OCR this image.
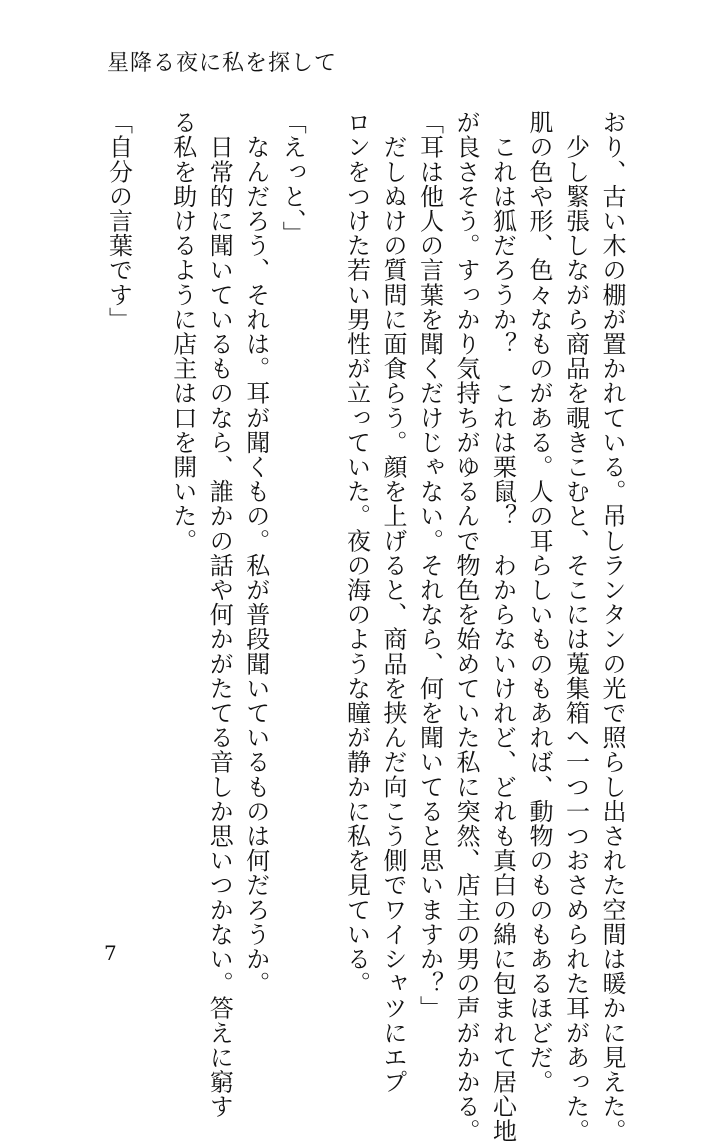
星降る夜に私を探して
おり、古い木の棚が置かれている。吊しランタンの光で照らし出された空間は暖かに見えた。
　少し緊張しながら商品を覗きこむと、そこには蒐集箱へ一つ一つおさめられた耳があった。
肌の色や形、色々なものがある。人の耳らしいものもあれば、動物のものもあるほどだ。
　これは狐だろうか？　これは栗鼠？　わからないけれど、どれも真白の綿に包まれて居心地
が良さそう。すっかり気持ちがゆるんで物色を始めていた私に突然、店主の男の声がかかる。
「耳は他人の言葉を聞くだけじゃない。それなら、何を聞いてると思いますか？」
　だしぬけの質問に面食らう。顔を上げると、商品を挟んだ向こう側でワイシャツにエプ
ロンをつけた若い男性が立っていた。夜の海のような瞳が静かに私を見ている。
「えっと、」
　なんだろう、それは。耳が聞くもの。私が普段聞いているものは何だろうか。
　日常的に聞いているものなら、誰かの話や何かがたてる音しか思いつかない。答えに窮す
る私を助けるように店主は口を開いた。
「自分の言葉です」
7
